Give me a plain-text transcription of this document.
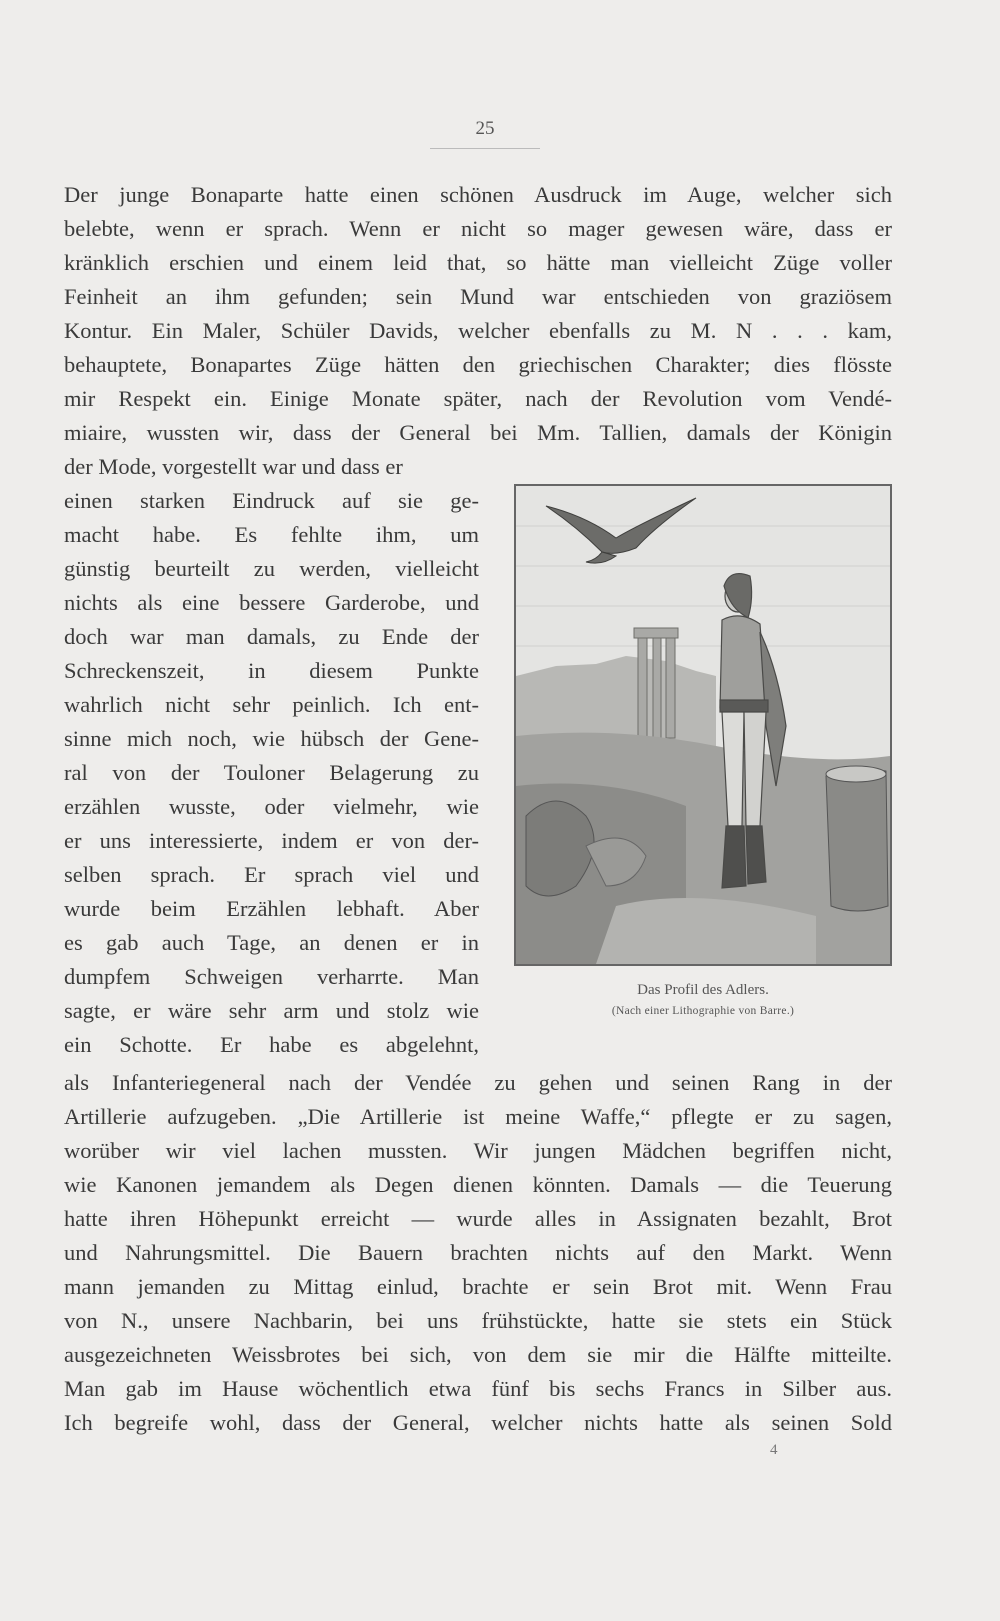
25
Der junge Bonaparte hatte einen schönen Ausdruck im Auge, welcher sich
belebte, wenn er sprach. Wenn er nicht so mager gewesen wäre, dass er
kränklich erschien und einem leid that, so hätte man vielleicht Züge voller
Feinheit an ihm gefunden; sein Mund war entschieden von graziösem
Kontur. Ein Maler, Schüler Davids, welcher ebenfalls zu M. N . . . kam,
behauptete, Bonapartes Züge hätten den griechischen Charakter; dies flösste
mir Respekt ein. Einige Monate später, nach der Revolution vom Vendé-
miaire, wussten wir, dass der General bei Mm. Tallien, damals der Königin
der Mode, vorgestellt war und dass er
einen starken Eindruck auf sie ge-
macht habe. Es fehlte ihm, um
günstig beurteilt zu werden, vielleicht
nichts als eine bessere Garderobe, und
doch war man damals, zu Ende der
Schreckenszeit, in diesem Punkte
wahrlich nicht sehr peinlich. Ich ent-
sinne mich noch, wie hübsch der Gene-
ral von der Touloner Belagerung zu
erzählen wusste, oder vielmehr, wie
er uns interessierte, indem er von der-
selben sprach. Er sprach viel und
wurde beim Erzählen lebhaft. Aber
es gab auch Tage, an denen er in
dumpfem Schweigen verharrte. Man
sagte, er wäre sehr arm und stolz wie
ein Schotte. Er habe es abgelehnt,
als Infanteriegeneral nach der Vendée zu gehen und seinen Rang in der
Artillerie aufzugeben. „Die Artillerie ist meine Waffe,“ pflegte er zu sagen,
worüber wir viel lachen mussten. Wir jungen Mädchen begriffen nicht,
wie Kanonen jemandem als Degen dienen könnten. Damals — die Teuerung
hatte ihren Höhepunkt erreicht — wurde alles in Assignaten bezahlt, Brot
und Nahrungsmittel. Die Bauern brachten nichts auf den Markt. Wenn
mann jemanden zu Mittag einlud, brachte er sein Brot mit. Wenn Frau
von N., unsere Nachbarin, bei uns frühstückte, hatte sie stets ein Stück
ausgezeichneten Weissbrotes bei sich, von dem sie mir die Hälfte mitteilte.
Man gab im Hause wöchentlich etwa fünf bis sechs Francs in Silber aus.
Ich begreife wohl, dass der General, welcher nichts hatte als seinen Sold
Das Profil des Adlers.
(Nach einer Lithographie von Barre.)
4
